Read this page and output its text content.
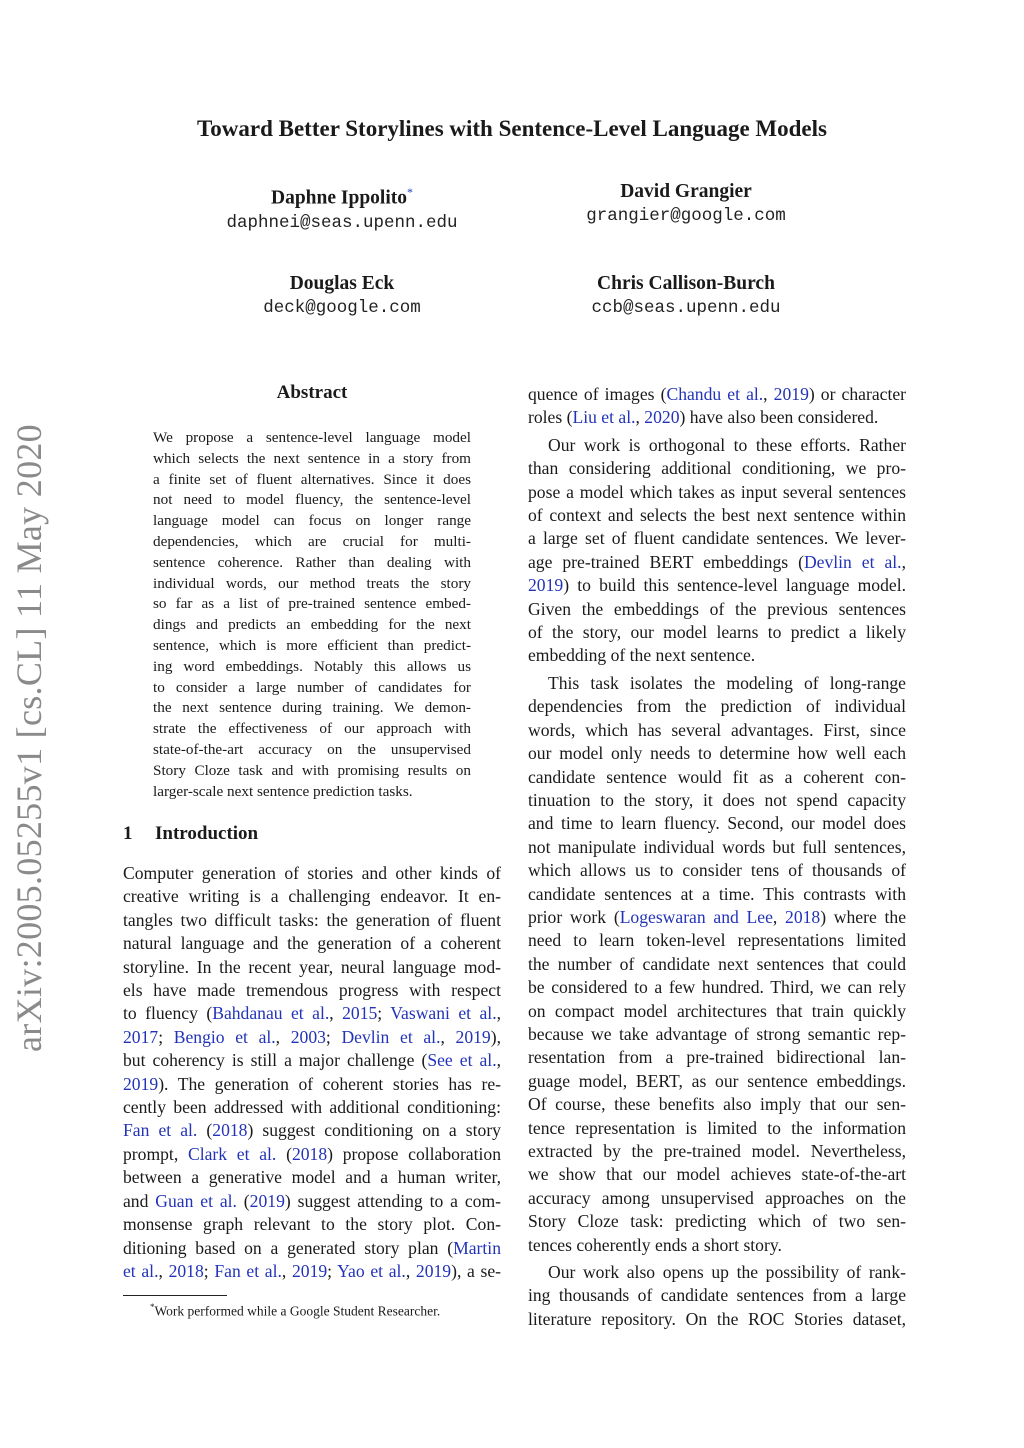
Toward Better Storylines with Sentence-Level Language Models
Daphne Ippolito*
daphnei@seas.upenn.edu
David Grangier
grangier@google.com
Douglas Eck
deck@google.com
Chris Callison-Burch
ccb@seas.upenn.edu
arXiv:2005.05255v1 [cs.CL] 11 May 2020
Abstract
We propose a sentence-level language model
which selects the next sentence in a story from
a finite set of fluent alternatives. Since it does
not need to model fluency, the sentence-level
language model can focus on longer range
dependencies, which are crucial for multi-
sentence coherence. Rather than dealing with
individual words, our method treats the story
so far as a list of pre-trained sentence embed-
dings and predicts an embedding for the next
sentence, which is more efficient than predict-
ing word embeddings. Notably this allows us
to consider a large number of candidates for
the next sentence during training. We demon-
strate the effectiveness of our approach with
state-of-the-art accuracy on the unsupervised
Story Cloze task and with promising results on
larger-scale next sentence prediction tasks.
1 Introduction
Computer generation of stories and other kinds of
creative writing is a challenging endeavor. It en-
tangles two difficult tasks: the generation of fluent
natural language and the generation of a coherent
storyline. In the recent year, neural language mod-
els have made tremendous progress with respect
to fluency (Bahdanau et al., 2015; Vaswani et al.,
2017; Bengio et al., 2003; Devlin et al., 2019),
but coherency is still a major challenge (See et al.,
2019). The generation of coherent stories has re-
cently been addressed with additional conditioning:
Fan et al. (2018) suggest conditioning on a story
prompt, Clark et al. (2018) propose collaboration
between a generative model and a human writer,
and Guan et al. (2019) suggest attending to a com-
monsense graph relevant to the story plot. Con-
ditioning based on a generated story plan (Martin
et al., 2018; Fan et al., 2019; Yao et al., 2019), a se-
quence of images (Chandu et al., 2019) or character
roles (Liu et al., 2020) have also been considered.
Our work is orthogonal to these efforts. Rather
than considering additional conditioning, we pro-
pose a model which takes as input several sentences
of context and selects the best next sentence within
a large set of fluent candidate sentences. We lever-
age pre-trained BERT embeddings (Devlin et al.,
2019) to build this sentence-level language model.
Given the embeddings of the previous sentences
of the story, our model learns to predict a likely
embedding of the next sentence.
This task isolates the modeling of long-range
dependencies from the prediction of individual
words, which has several advantages. First, since
our model only needs to determine how well each
candidate sentence would fit as a coherent con-
tinuation to the story, it does not spend capacity
and time to learn fluency. Second, our model does
not manipulate individual words but full sentences,
which allows us to consider tens of thousands of
candidate sentences at a time. This contrasts with
prior work (Logeswaran and Lee, 2018) where the
need to learn token-level representations limited
the number of candidate next sentences that could
be considered to a few hundred. Third, we can rely
on compact model architectures that train quickly
because we take advantage of strong semantic rep-
resentation from a pre-trained bidirectional lan-
guage model, BERT, as our sentence embeddings.
Of course, these benefits also imply that our sen-
tence representation is limited to the information
extracted by the pre-trained model. Nevertheless,
we show that our model achieves state-of-the-art
accuracy among unsupervised approaches on the
Story Cloze task: predicting which of two sen-
tences coherently ends a short story.
Our work also opens up the possibility of rank-
ing thousands of candidate sentences from a large
literature repository. On the ROC Stories dataset,
*Work performed while a Google Student Researcher.
